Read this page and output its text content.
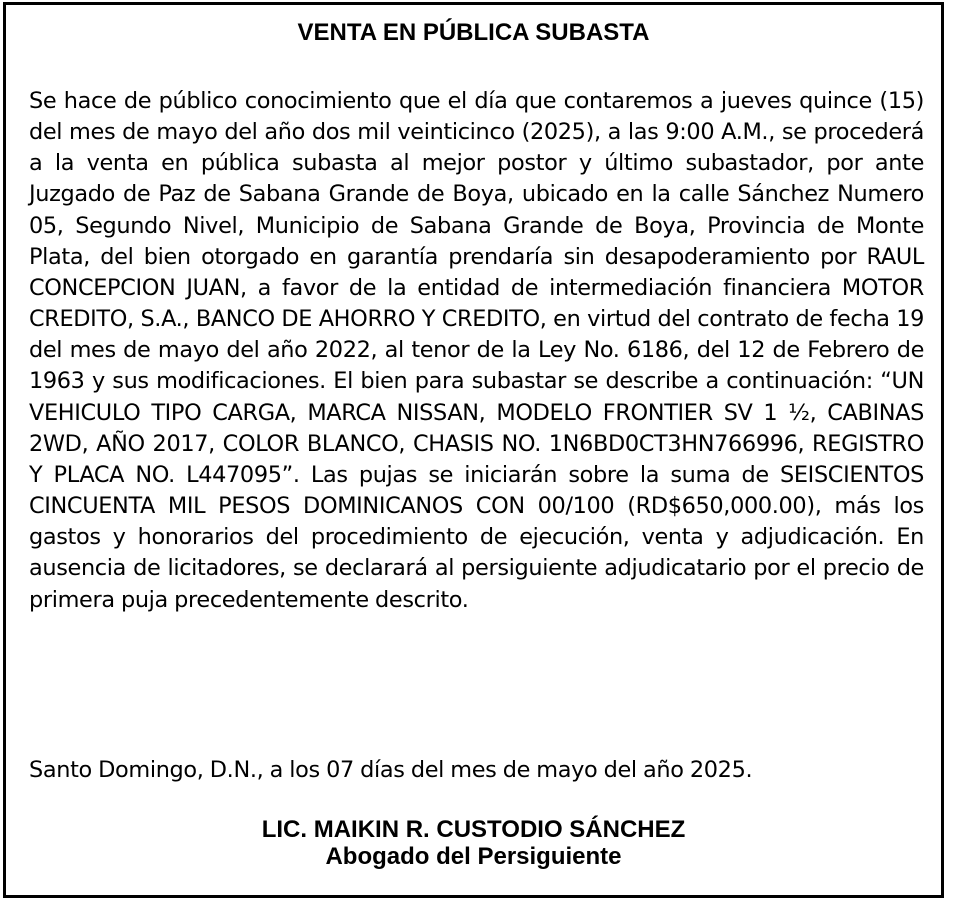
VENTA EN PÚBLICA SUBASTA

Se hace de público conocimiento que el día que contaremos a jueves quince (15) del mes de mayo del año dos mil veinticinco (2025), a las 9:00 A.M., se procederá a la venta en pública subasta al mejor postor y último subastador, por ante Juzgado de Paz de Sabana Grande de Boya, ubicado en la calle Sánchez Numero 05, Segundo Nivel, Municipio de Sabana Grande de Boya, Provincia de Monte Plata, del bien otorgado en garantía prendaría sin desapoderamiento por RAUL CONCEPCION JUAN, a favor de la entidad de intermediación financiera MOTOR CREDITO, S.A., BANCO DE AHORRO Y CREDITO, en virtud del contrato de fecha 19 del mes de mayo del año 2022, al tenor de la Ley No. 6186, del 12 de Febrero de 1963 y sus modificaciones. El bien para subastar se describe a continuación: “UN VEHICULO TIPO CARGA, MARCA NISSAN, MODELO FRONTIER SV 1 ½, CABINAS 2WD, AÑO 2017, COLOR BLANCO, CHASIS NO. 1N6BD0CT3HN766996, REGISTRO Y PLACA NO. L447095”. Las pujas se iniciarán sobre la suma de SEISCIENTOS CINCUENTA MIL PESOS DOMINICANOS CON 00/100 (RD$650,000.00), más los gastos y honorarios del procedimiento de ejecución, venta y adjudicación. En ausencia de licitadores, se declarará al persiguiente adjudicatario por el precio de primera puja precedentemente descrito.

Santo Domingo, D.N., a los 07 días del mes de mayo del año 2025.

LIC. MAIKIN R. CUSTODIO SÁNCHEZ
Abogado del Persiguiente
